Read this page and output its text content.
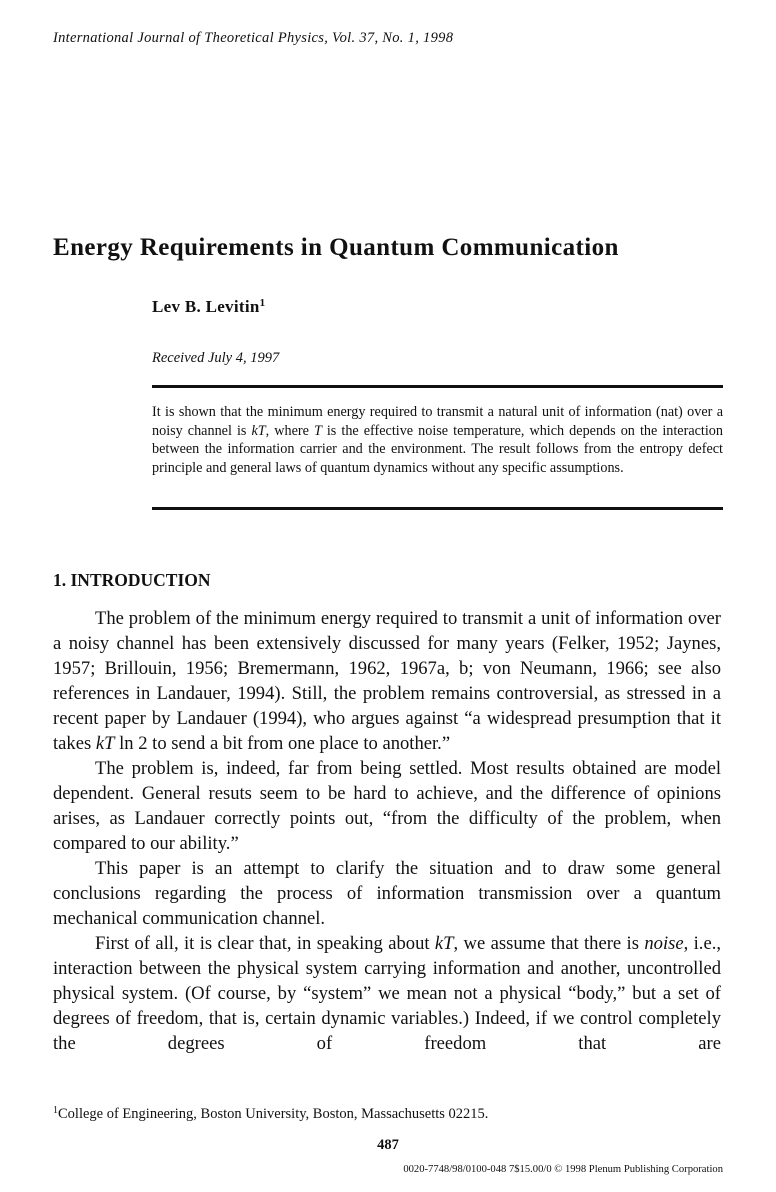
International Journal of Theoretical Physics, Vol. 37, No. 1, 1998
Energy Requirements in Quantum Communication
Lev B. Levitin$^1$
Received July 4, 1997

It is shown that the minimum energy required to transmit a natural unit of information (nat) over a noisy channel is kT, where T is the effective noise temperature, which depends on the interaction between the information carrier and the environment. The result follows from the entropy defect principle and general laws of quantum dynamics without any specific assumptions.

1. INTRODUCTION

The problem of the minimum energy required to transmit a unit of information over a noisy channel has been extensively discussed for many years (Felker, 1952; Jaynes, 1957; Brillouin, 1956; Bremermann, 1962, 1967a, b; von Neumann, 1966; see also references in Landauer, 1994). Still, the problem remains controversial, as stressed in a recent paper by Landauer (1994), who argues against “a widespread presumption that it takes kT ln 2 to send a bit from one place to another.”

The problem is, indeed, far from being settled. Most results obtained are model dependent. General resuts seem to be hard to achieve, and the difference of opinions arises, as Landauer correctly points out, “from the difficulty of the problem, when compared to our ability.”

This paper is an attempt to clarify the situation and to draw some general conclusions regarding the process of information transmission over a quantum mechanical communication channel.

First of all, it is clear that, in speaking about kT, we assume that there is noise, i.e., interaction between the physical system carrying information and another, uncontrolled physical system. (Of course, by “system” we mean not a physical “body,” but a set of degrees of freedom, that is, certain dynamic variables.) Indeed, if we control completely the degrees of freedom that are

$^1$College of Engineering, Boston University, Boston, Massachusetts 02215.
487
0020-7748/98/0100-048 7$15.00/0 © 1998 Plenum Publishing Corporation
